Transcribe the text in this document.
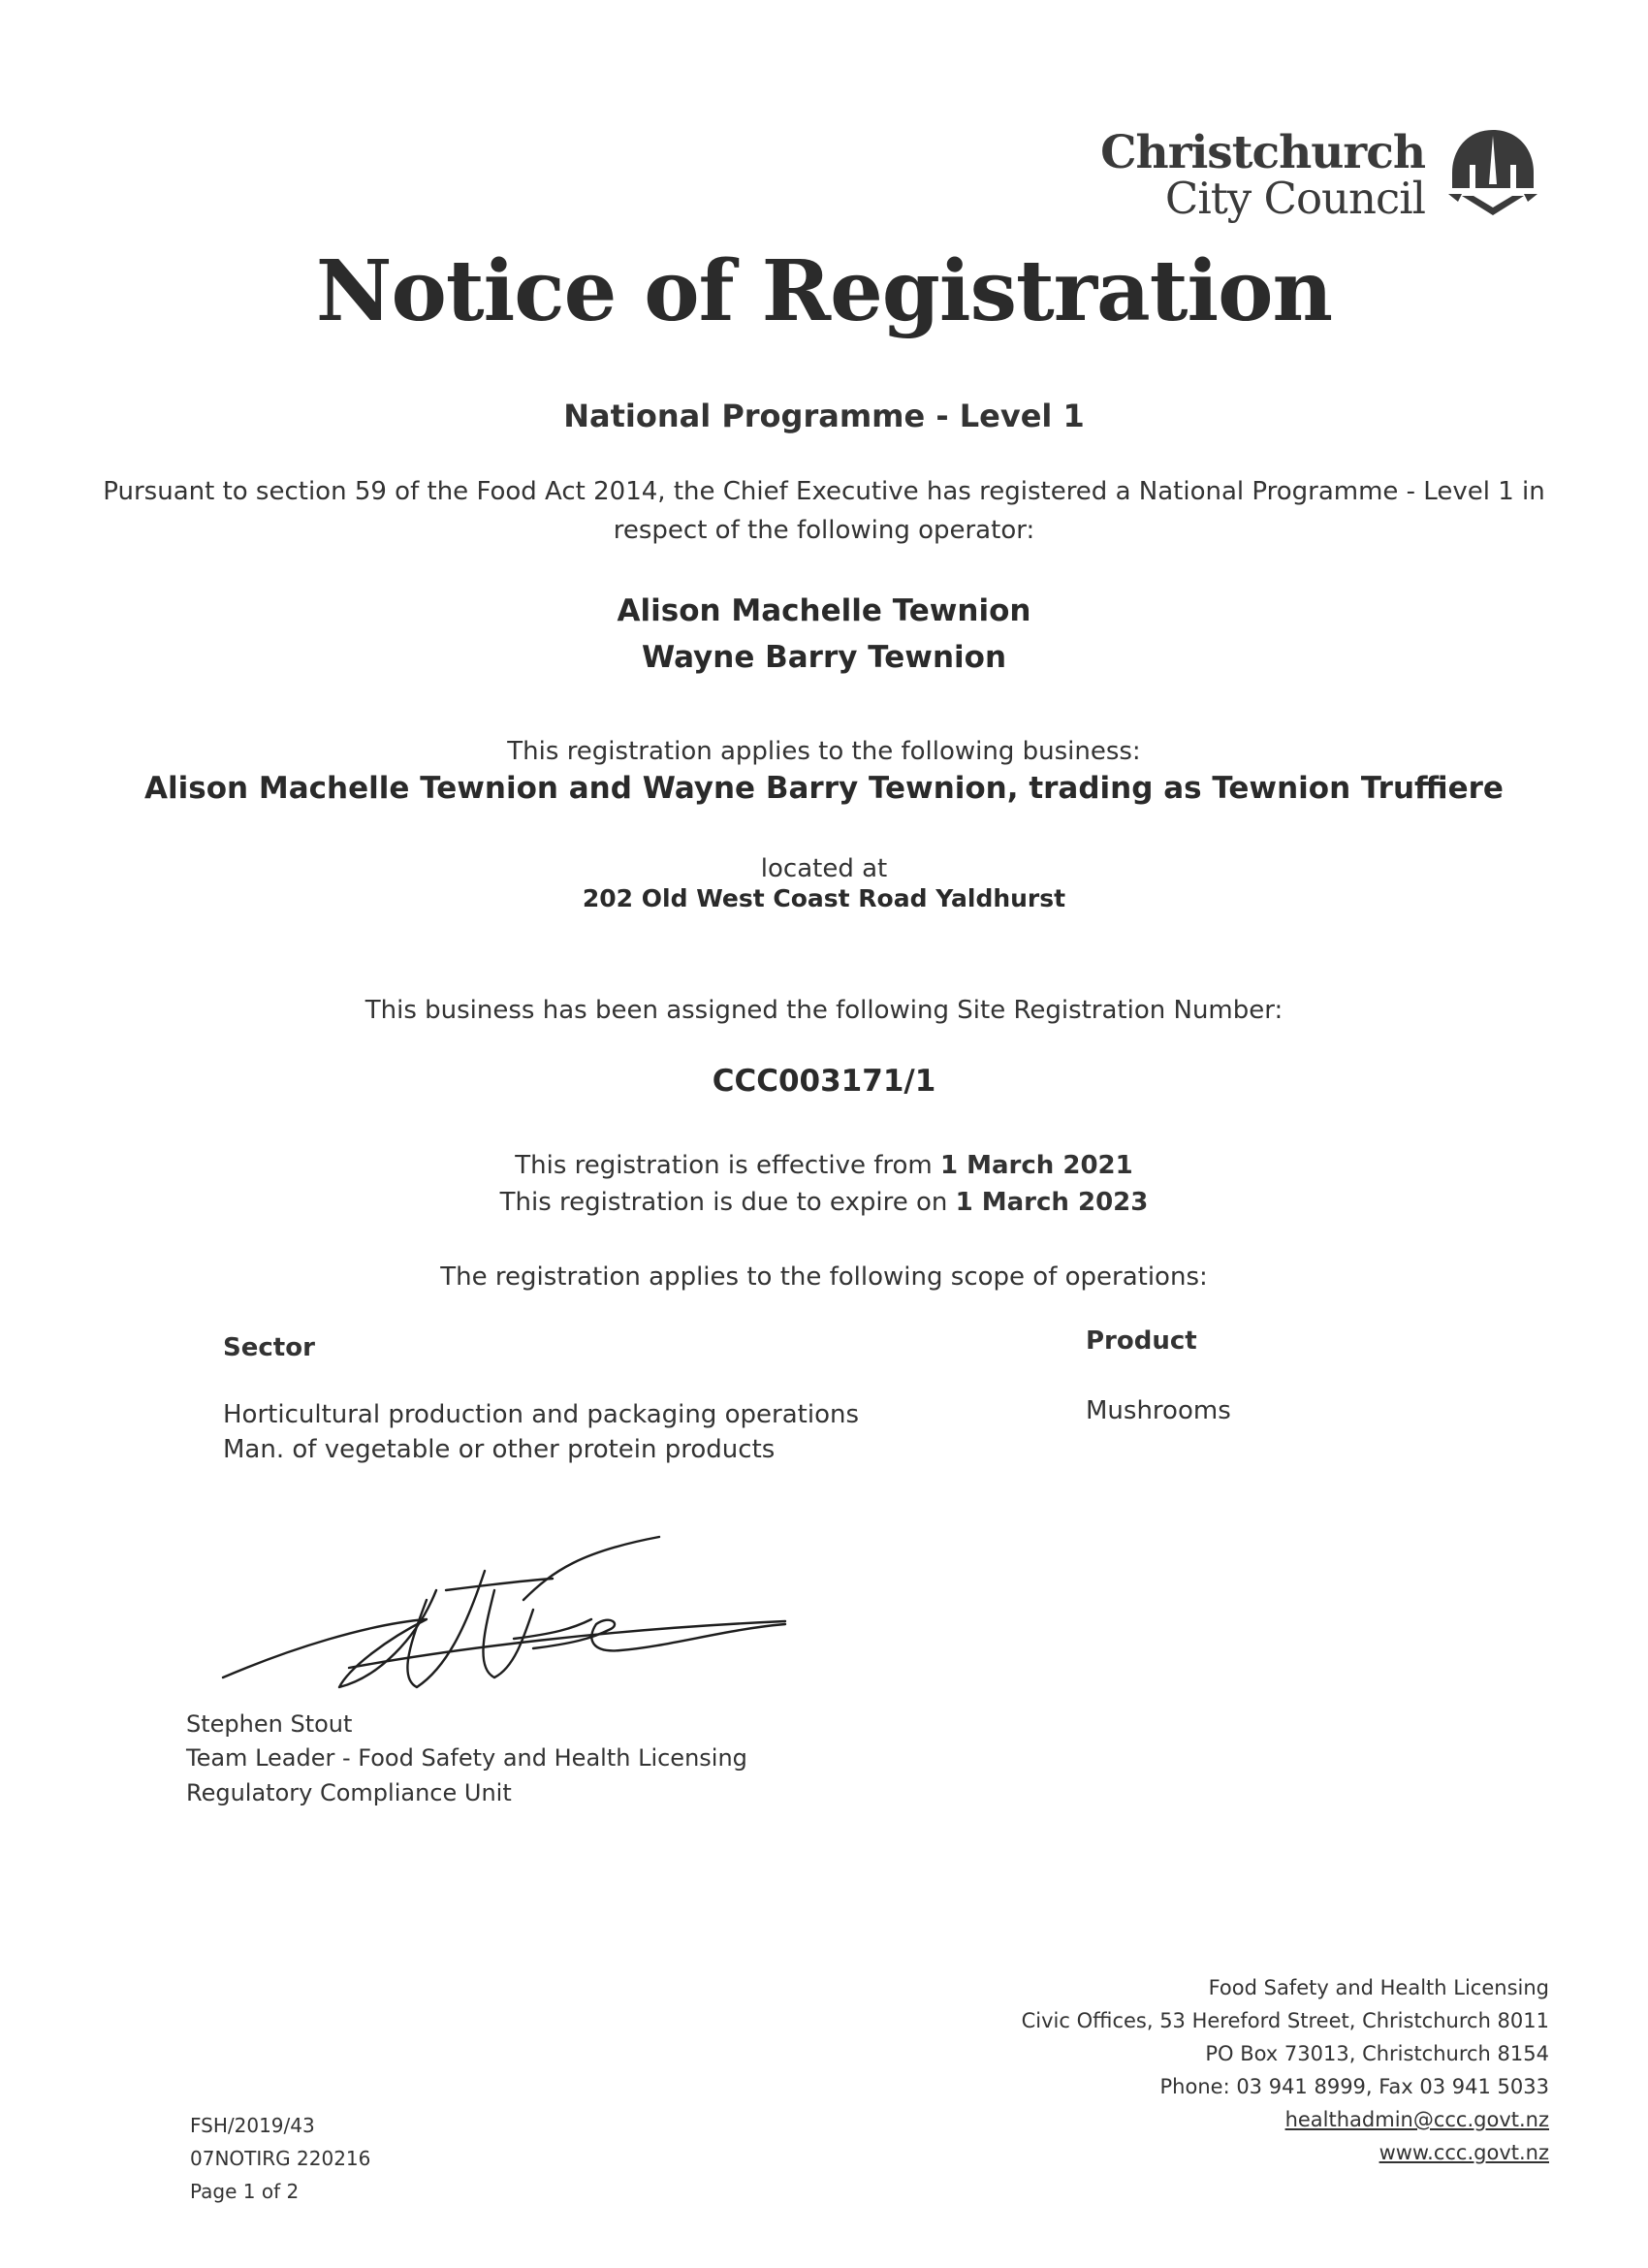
Christchurch
City Council
Notice of Registration
National Programme - Level 1
Pursuant to section 59 of the Food Act 2014, the Chief Executive has registered a National Programme - Level 1 in
respect of the following operator:
Alison Machelle Tewnion
Wayne Barry Tewnion
This registration applies to the following business:
Alison Machelle Tewnion and Wayne Barry Tewnion, trading as Tewnion Truffiere
located at
202 Old West Coast Road Yaldhurst
This business has been assigned the following Site Registration Number:
CCC003171/1
This registration is effective from 1 March 2021
This registration is due to expire on 1 March 2023
The registration applies to the following scope of operations:
Sector	Product
Horticultural production and packaging operations
Man. of vegetable or other protein products
Mushrooms
Stephen Stout
Team Leader - Food Safety and Health Licensing
Regulatory Compliance Unit
Food Safety and Health Licensing
Civic Offices, 53 Hereford Street, Christchurch 8011
PO Box 73013, Christchurch 8154
Phone: 03 941 8999, Fax 03 941 5033
healthadmin@ccc.govt.nz
www.ccc.govt.nz
FSH/2019/43
07NOTIRG 220216
Page 1 of 2
